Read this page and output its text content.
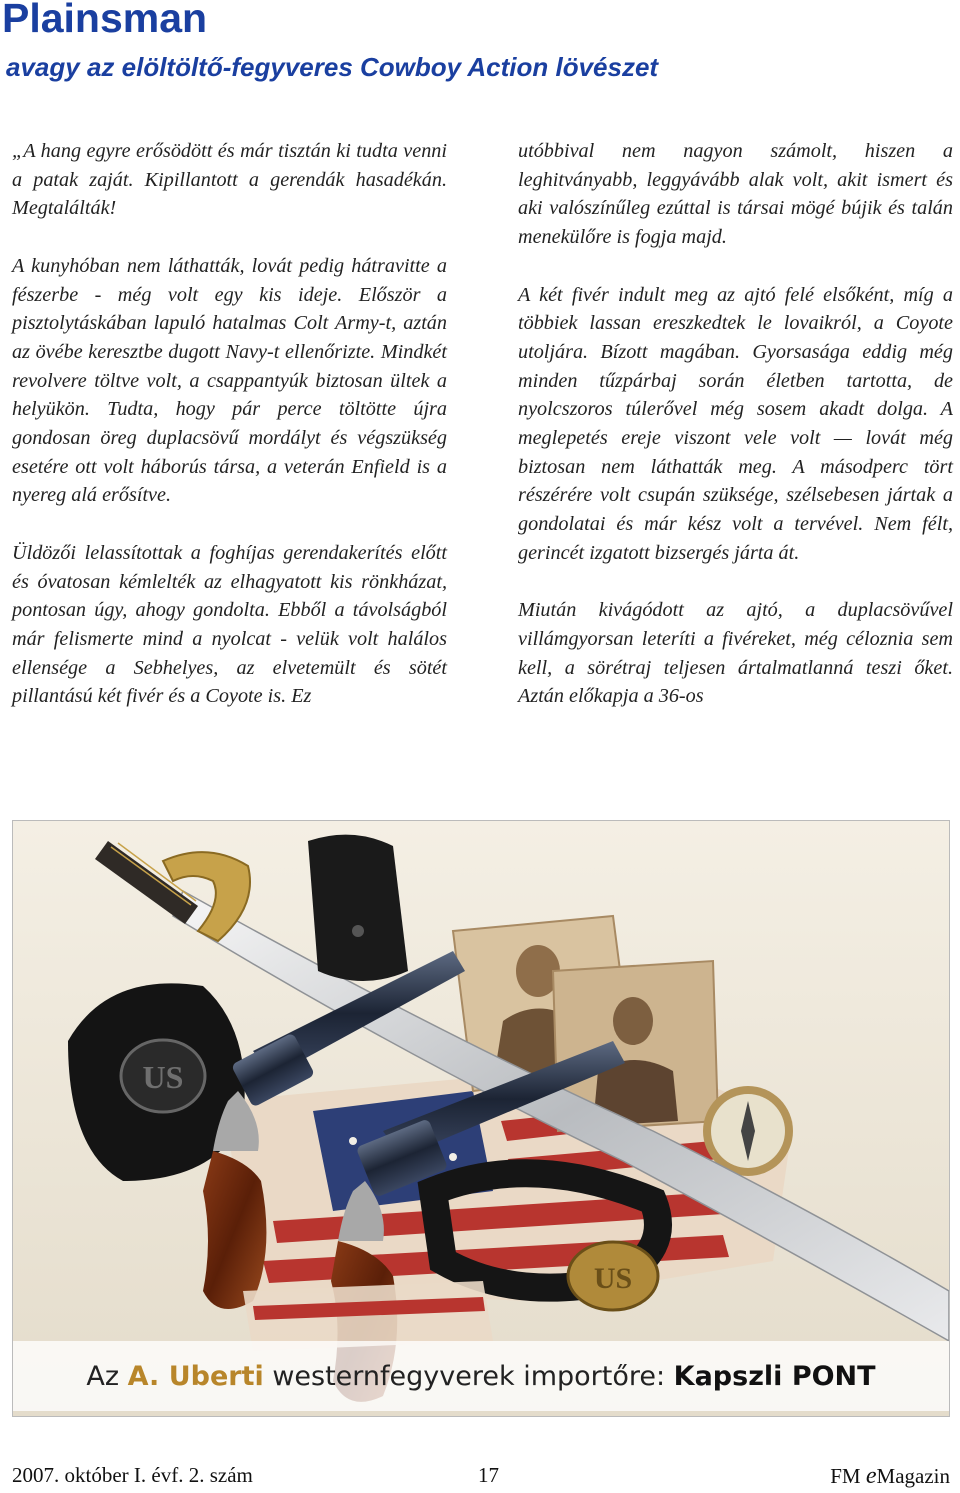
Plainsman
avagy az elöltöltő-fegyveres Cowboy Action lövészet

„A hang egyre erősödött és már tisztán ki tudta venni a patak zaját. Kipillantott a gerendák hasadékán. Megtalálták!

A kunyhóban nem láthatták, lovát pedig hátravitte a fészerbe - még volt egy kis ideje. Először a pisztolytáskában lapuló hatalmas Colt Army-t, aztán az övébe keresztbe dugott Navy-t ellenőrizte. Mindkét revolvere töltve volt, a csappantyúk biztosan ültek a helyükön. Tudta, hogy pár perce töltötte újra gondosan öreg duplacsövű mordályt és végszükség esetére ott volt háborús társa, a veterán Enfield is a nyereg alá erősítve.

Üldözői lelassítottak a foghíjas gerendakerítés előtt és óvatosan kémlelték az elhagyatott kis rönkházat, pontosan úgy, ahogy gondolta. Ebből a távolságból már felismerte mind a nyolcat - velük volt halálos ellensége a Sebhelyes, az elvetemült és sötét pillantású két fivér és a Coyote is. Ez

utóbbival nem nagyon számolt, hiszen a leghitványabb, leggyávább alak volt, akit ismert és aki valószínűleg ezúttal is társai mögé bújik és talán menekülőre is fogja majd.

A két fivér indult meg az ajtó felé elsőként, míg a többiek lassan ereszkedtek le lovaikról, a Coyote utoljára. Bízott magában. Gyorsasága eddig még minden tűzpárbaj során életben tartotta, de nyolcszoros túlerővel még sosem akadt dolga. A meglepetés ereje viszont vele volt — lovát még biztosan nem láthatták meg. A másodperc tört részérére volt csupán szüksége, szélsebesen jártak a gondolatai és már kész volt a tervével. Nem félt, gerincét izgatott bizsergés járta át.

Miután kivágódott az ajtó, a duplacsövűvel villámgyorsan leteríti a fivéreket, még céloznia sem kell, a sörétraj teljesen ártalmatlanná teszi őket. Aztán előkapja a 36-os

US
US
Az A. Uberti westernfegyverek importőre: Kapszli PONT
2007. október I. évf. 2. szám	17	FM eMagazin
